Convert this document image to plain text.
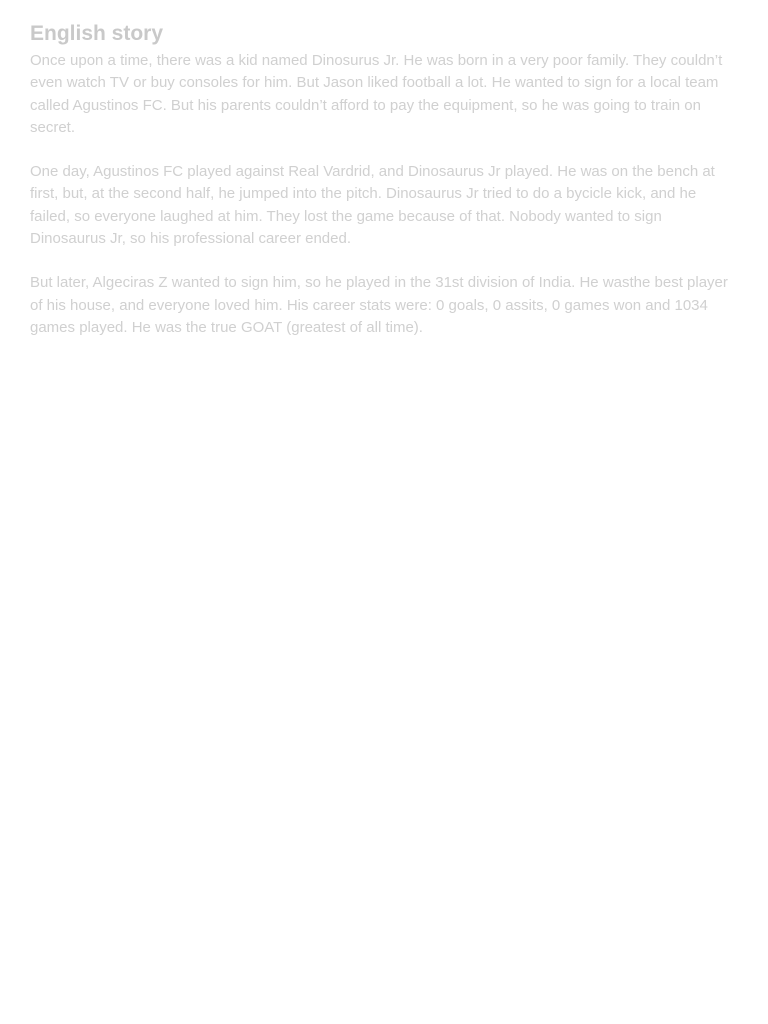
English story

Once upon a time, there was a kid named Dinosurus Jr. He was born in a very poor family. They couldn’t even watch TV or buy consoles for him. But Jason liked football a lot. He wanted to sign for a local team called Agustinos FC. But his parents couldn’t afford to pay the equipment, so he was going to train on secret.

One day, Agustinos FC played against Real Vardrid, and Dinosaurus Jr played. He was on the bench at first, but, at the second half, he jumped into the pitch. Dinosaurus Jr tried to do a bycicle kick, and he failed, so everyone laughed at him. They lost the game because of that. Nobody wanted to sign Dinosaurus Jr, so his professional career ended.

But later, Algeciras Z wanted to sign him, so he played in the 31st division of India. He wasthe best player of his house, and everyone loved him. His career stats were: 0 goals, 0 assits, 0 games won and 1034 games played. He was the true GOAT (greatest of all time).
